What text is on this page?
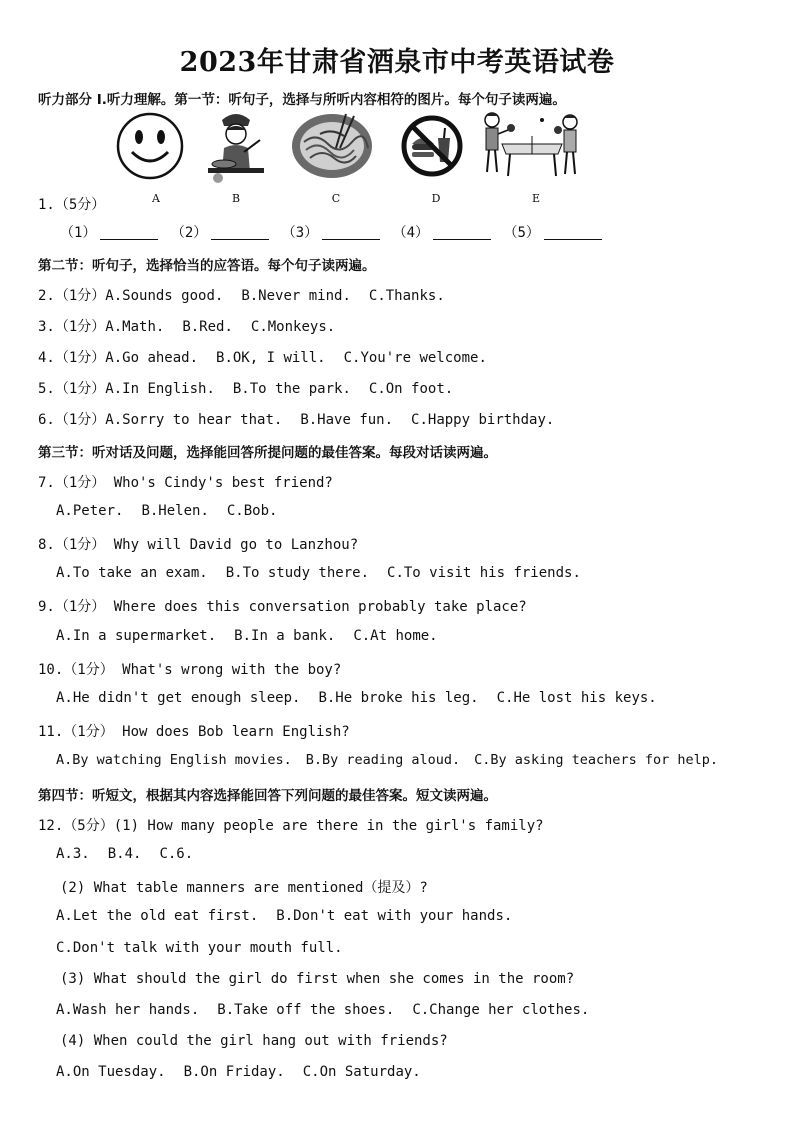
2023年甘肃省酒泉市中考英语试卷
听力部分 I.听力理解。第一节：听句子，选择与所听内容相符的图片。每个句子读两遍。
A	B	C	D	E
1.（5分）
（1）	（2）	（3）	（4）	（5）
第二节：听句子，选择恰当的应答语。每个句子读两遍。
2.（1分）A.Sounds good. B.Never mind. C.Thanks.
3.（1分）A.Math. B.Red. C.Monkeys.
4.（1分）A.Go ahead. B.OK, I will. C.You're welcome.
5.（1分）A.In English. B.To the park. C.On foot.
6.（1分）A.Sorry to hear that. B.Have fun. C.Happy birthday.
第三节：听对话及问题，选择能回答所提问题的最佳答案。每段对话读两遍。
7.（1分） Who's Cindy's best friend?
A.Peter. B.Helen. C.Bob.
8.（1分） Why will David go to Lanzhou?
A.To take an exam. B.To study there. C.To visit his friends.
9.（1分） Where does this conversation probably take place?
A.In a supermarket. B.In a bank. C.At home.
10.（1分） What's wrong with the boy?
A.He didn't get enough sleep. B.He broke his leg. C.He lost his keys.
11.（1分） How does Bob learn English?
A.By watching English movies. B.By reading aloud. C.By asking teachers for help.
第四节：听短文，根据其内容选择能回答下列问题的最佳答案。短文读两遍。
12.（5分）(1) How many people are there in the girl's family?
A.3. B.4. C.6.
(2) What table manners are mentioned（提及）?
A.Let the old eat first. B.Don't eat with your hands.
C.Don't talk with your mouth full.
(3) What should the girl do first when she comes in the room?
A.Wash her hands. B.Take off the shoes. C.Change her clothes.
(4) When could the girl hang out with friends?
A.On Tuesday. B.On Friday. C.On Saturday.
